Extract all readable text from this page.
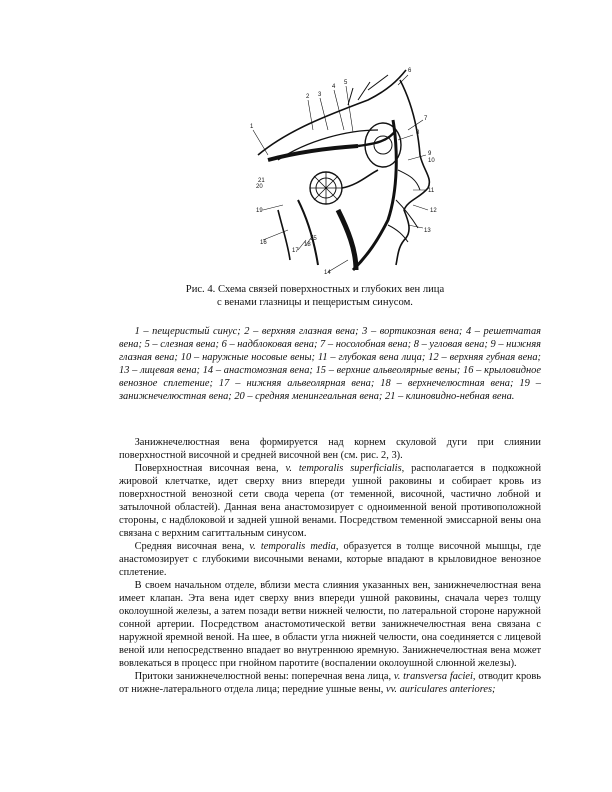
1
2 3
4
5
6
7
8
9
10
11
12
13
14
15
16
17
18
19
20
21

Рис. 4. Схема связей поверхностных и глубоких вен лица

с венами глазницы и пещеристым синусом.

1 – пещеристый синус; 2 – верхняя глазная вена; 3 – вортикозная вена; 4 – решетчатая вена; 5 – слезная вена; 6 – надблоковая вена; 7 – носолобная вена; 8 – угловая вена; 9 – нижняя глазная вена; 10 – наружные носовые вены; 11 – глубокая вена лица; 12 – верхняя губная вена; 13 – лицевая вена; 14 – анастомозная вена; 15 – верхние альвеолярные вены; 16 – крыловидное венозное сплетение; 17 – нижняя альвеолярная вена; 18 – верхнечелюстная вена; 19 – занижнечелюстная вена; 20 – средняя менингеальная вена; 21 – клиновидно-небная вена.

Занижнечелюстная вена формируется над корнем скуловой дуги при слиянии поверхностной височной и средней височной вен (см. рис. 2, 3).

Поверхностная височная вена, v. temporalis superficialis, располагается в подкожной жировой клетчатке, идет сверху вниз впереди ушной раковины и собирает кровь из поверхностной венозной сети свода черепа (от теменной, височной, частично лобной и затылочной областей). Данная вена анастомозирует с одноименной веной противоположной стороны, с надблоковой и задней ушной венами. Посредством теменной эмиссарной вены она связана с верхним сагиттальным синусом.

Средняя височная вена, v. temporalis media, образуется в толще височной мышцы, где анастомозирует с глубокими височными венами, которые впадают в крыловидное венозное сплетение.

В своем начальном отделе, вблизи места слияния указанных вен, занижнечелюстная вена имеет клапан. Эта вена идет сверху вниз впереди ушной раковины, сначала через толщу околоушной железы, а затем позади ветви нижней челюсти, по латеральной стороне наружной сонной артерии. Посредством анастомотической ветви занижнечелюстная вена связана с наружной яремной веной. На шее, в области угла нижней челюсти, она соединяется с лицевой веной или непосредственно впадает во внутреннюю яремную. Занижнечелюстная вена может вовлекаться в процесс при гнойном паротите (воспалении околоушной слюнной железы).

Притоки занижнечелюстной вены: поперечная вена лица, v. transversa faciei, отводит кровь от нижне-латерального отдела лица; передние ушные вены, vv. auriculares anteriores;
